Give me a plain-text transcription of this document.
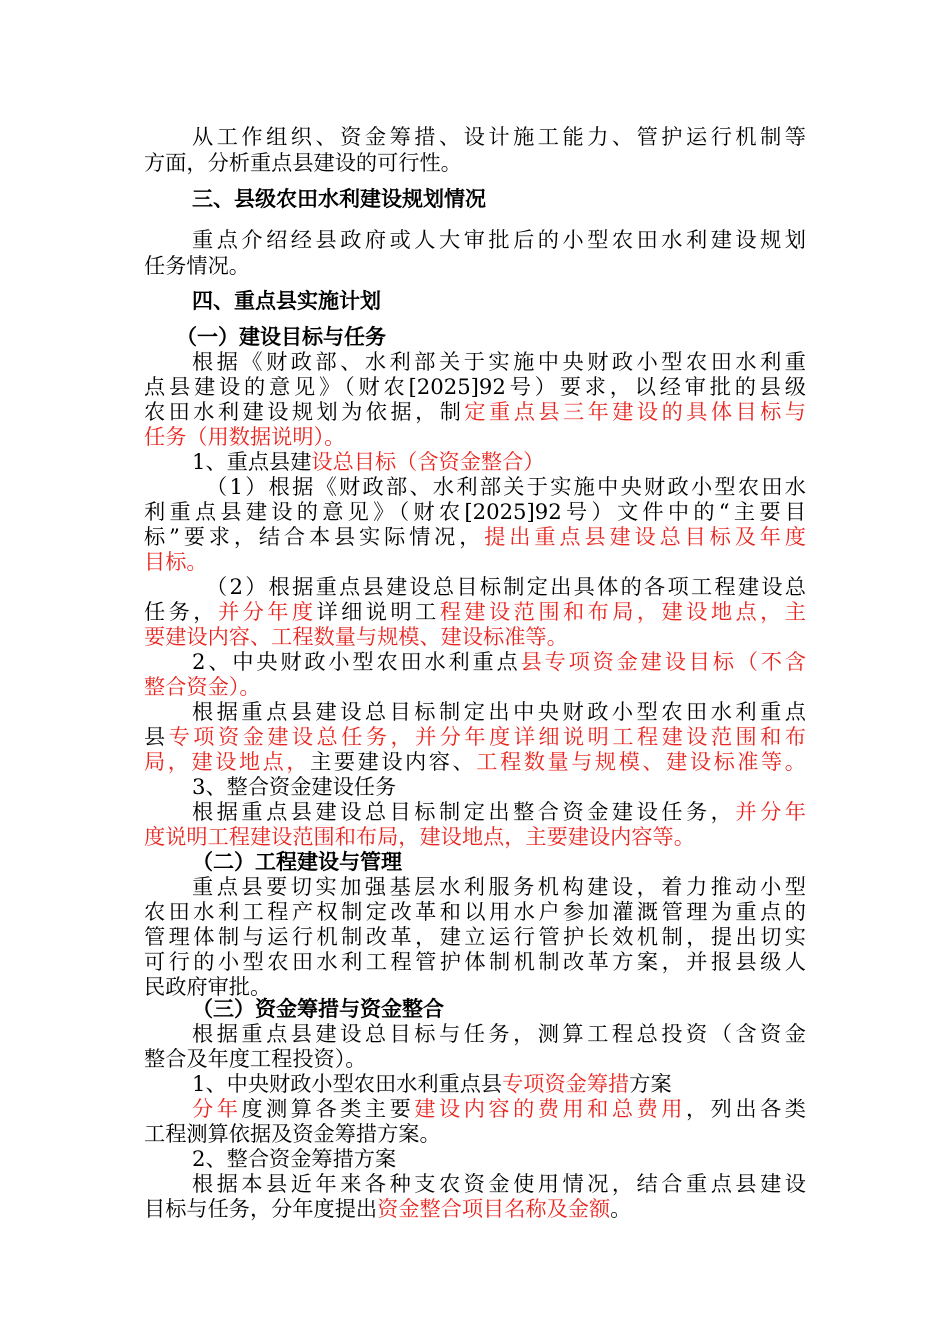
从工作组织、资金筹措、设计施工能力、管护运行机制等

方面，分析重点县建设的可行性。

三、县级农田水利建设规划情况

重点介绍经县政府或人大审批后的小型农田水利建设规划

任务情况。

四、重点县实施计划

（一）建设目标与任务

根据《财政部、水利部关于实施中央财政小型农田水利重

点县建设的意见》（财农[2025]92号）要求，以经审批的县级

农田水利建设规划为依据，制定重点县三年建设的具体目标与

任务（用数据说明）。

1、重点县建设总目标（含资金整合）

（1）根据《财政部、水利部关于实施中央财政小型农田水

利重点县建设的意见》（财农[2025]92号）文件中的“主要目

标”要求，结合本县实际情况，提出重点县建设总目标及年度

目标。

（2）根据重点县建设总目标制定出具体的各项工程建设总

任务，并分年度详细说明工程建设范围和布局，建设地点，主

要建设内容、工程数量与规模、建设标准等。

2、中央财政小型农田水利重点县专项资金建设目标（不含

整合资金）。

根据重点县建设总目标制定出中央财政小型农田水利重点

县专项资金建设总任务，并分年度详细说明工程建设范围和布

局，建设地点，主要建设内容、工程数量与规模、建设标准等。

3、整合资金建设任务

根据重点县建设总目标制定出整合资金建设任务，并分年

度说明工程建设范围和布局，建设地点，主要建设内容等。

（二）工程建设与管理

重点县要切实加强基层水利服务机构建设，着力推动小型

农田水利工程产权制定改革和以用水户参加灌溉管理为重点的

管理体制与运行机制改革，建立运行管护长效机制，提出切实

可行的小型农田水利工程管护体制机制改革方案，并报县级人

民政府审批。

（三）资金筹措与资金整合

根据重点县建设总目标与任务，测算工程总投资（含资金

整合及年度工程投资）。

1、中央财政小型农田水利重点县专项资金筹措方案

分年度测算各类主要建设内容的费用和总费用，列出各类

工程测算依据及资金筹措方案。

2、整合资金筹措方案

根据本县近年来各种支农资金使用情况，结合重点县建设

目标与任务，分年度提出资金整合项目名称及金额。
